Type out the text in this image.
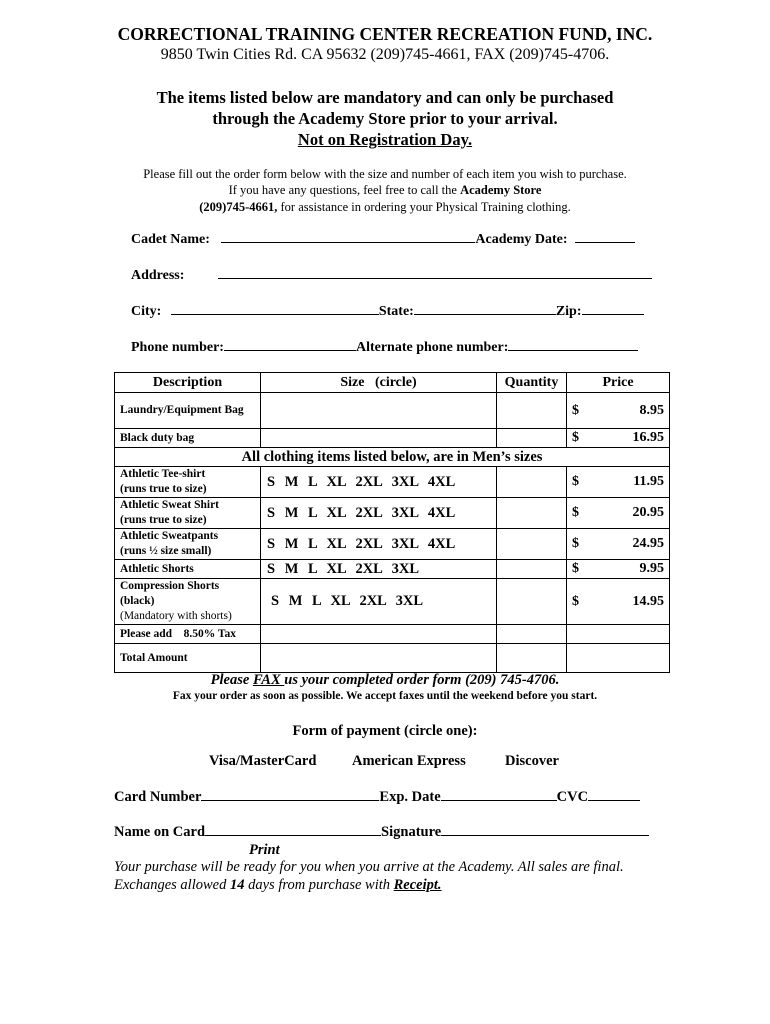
CORRECTIONAL TRAINING CENTER RECREATION FUND, INC.
9850 Twin Cities Rd. CA 95632 (209)745-4661, FAX (209)745-4706.
The items listed below are mandatory and can only be purchased
through the Academy Store prior to your arrival.
Not on Registration Day.
Please fill out the order form below with the size and number of each item you wish to purchase.
If you have any questions, feel free to call the Academy Store
(209)745-4661, for assistance in ordering your Physical Training clothing.
Cadet Name:	Academy Date:
Address:
City:	State:	Zip:
Phone number:	Alternate phone number:
Description	Size   (circle)	Quantity	Price
Laundry/Equipment Bag			$ 8.95

Black duty bag			$ 16.95

All clothing items listed below, are in Men’s sizes			
Athletic Tee-shirt
(runs true to size)	S M L XL 2XL 3XL 4XL		$ 11.95

Athletic Sweat Shirt
(runs true to size)	S M L XL 2XL 3XL 4XL		$ 20.95

Athletic Sweatpants
(runs ½ size small)	S M L XL 2XL 3XL 4XL		$ 24.95

Athletic Shorts	S M L XL 2XL 3XL		$ 9.95

Compression Shorts
(black)
(Mandatory with shorts)	S M L XL 2XL 3XL		$ 14.95

Please add    8.50% Tax			
Total Amount			
Please FAX us your completed order form (209) 745-4706.
Fax your order as soon as possible. We accept faxes until the weekend before you start.
Form of payment (circle one):
Visa/MasterCard American Express	Discover
Card Number	Exp. Date	CVC
Name on Card	Signature
Print
Your purchase will be ready for you when you arrive at the Academy. All sales are final.
Exchanges allowed 14 days from purchase with Receipt.
